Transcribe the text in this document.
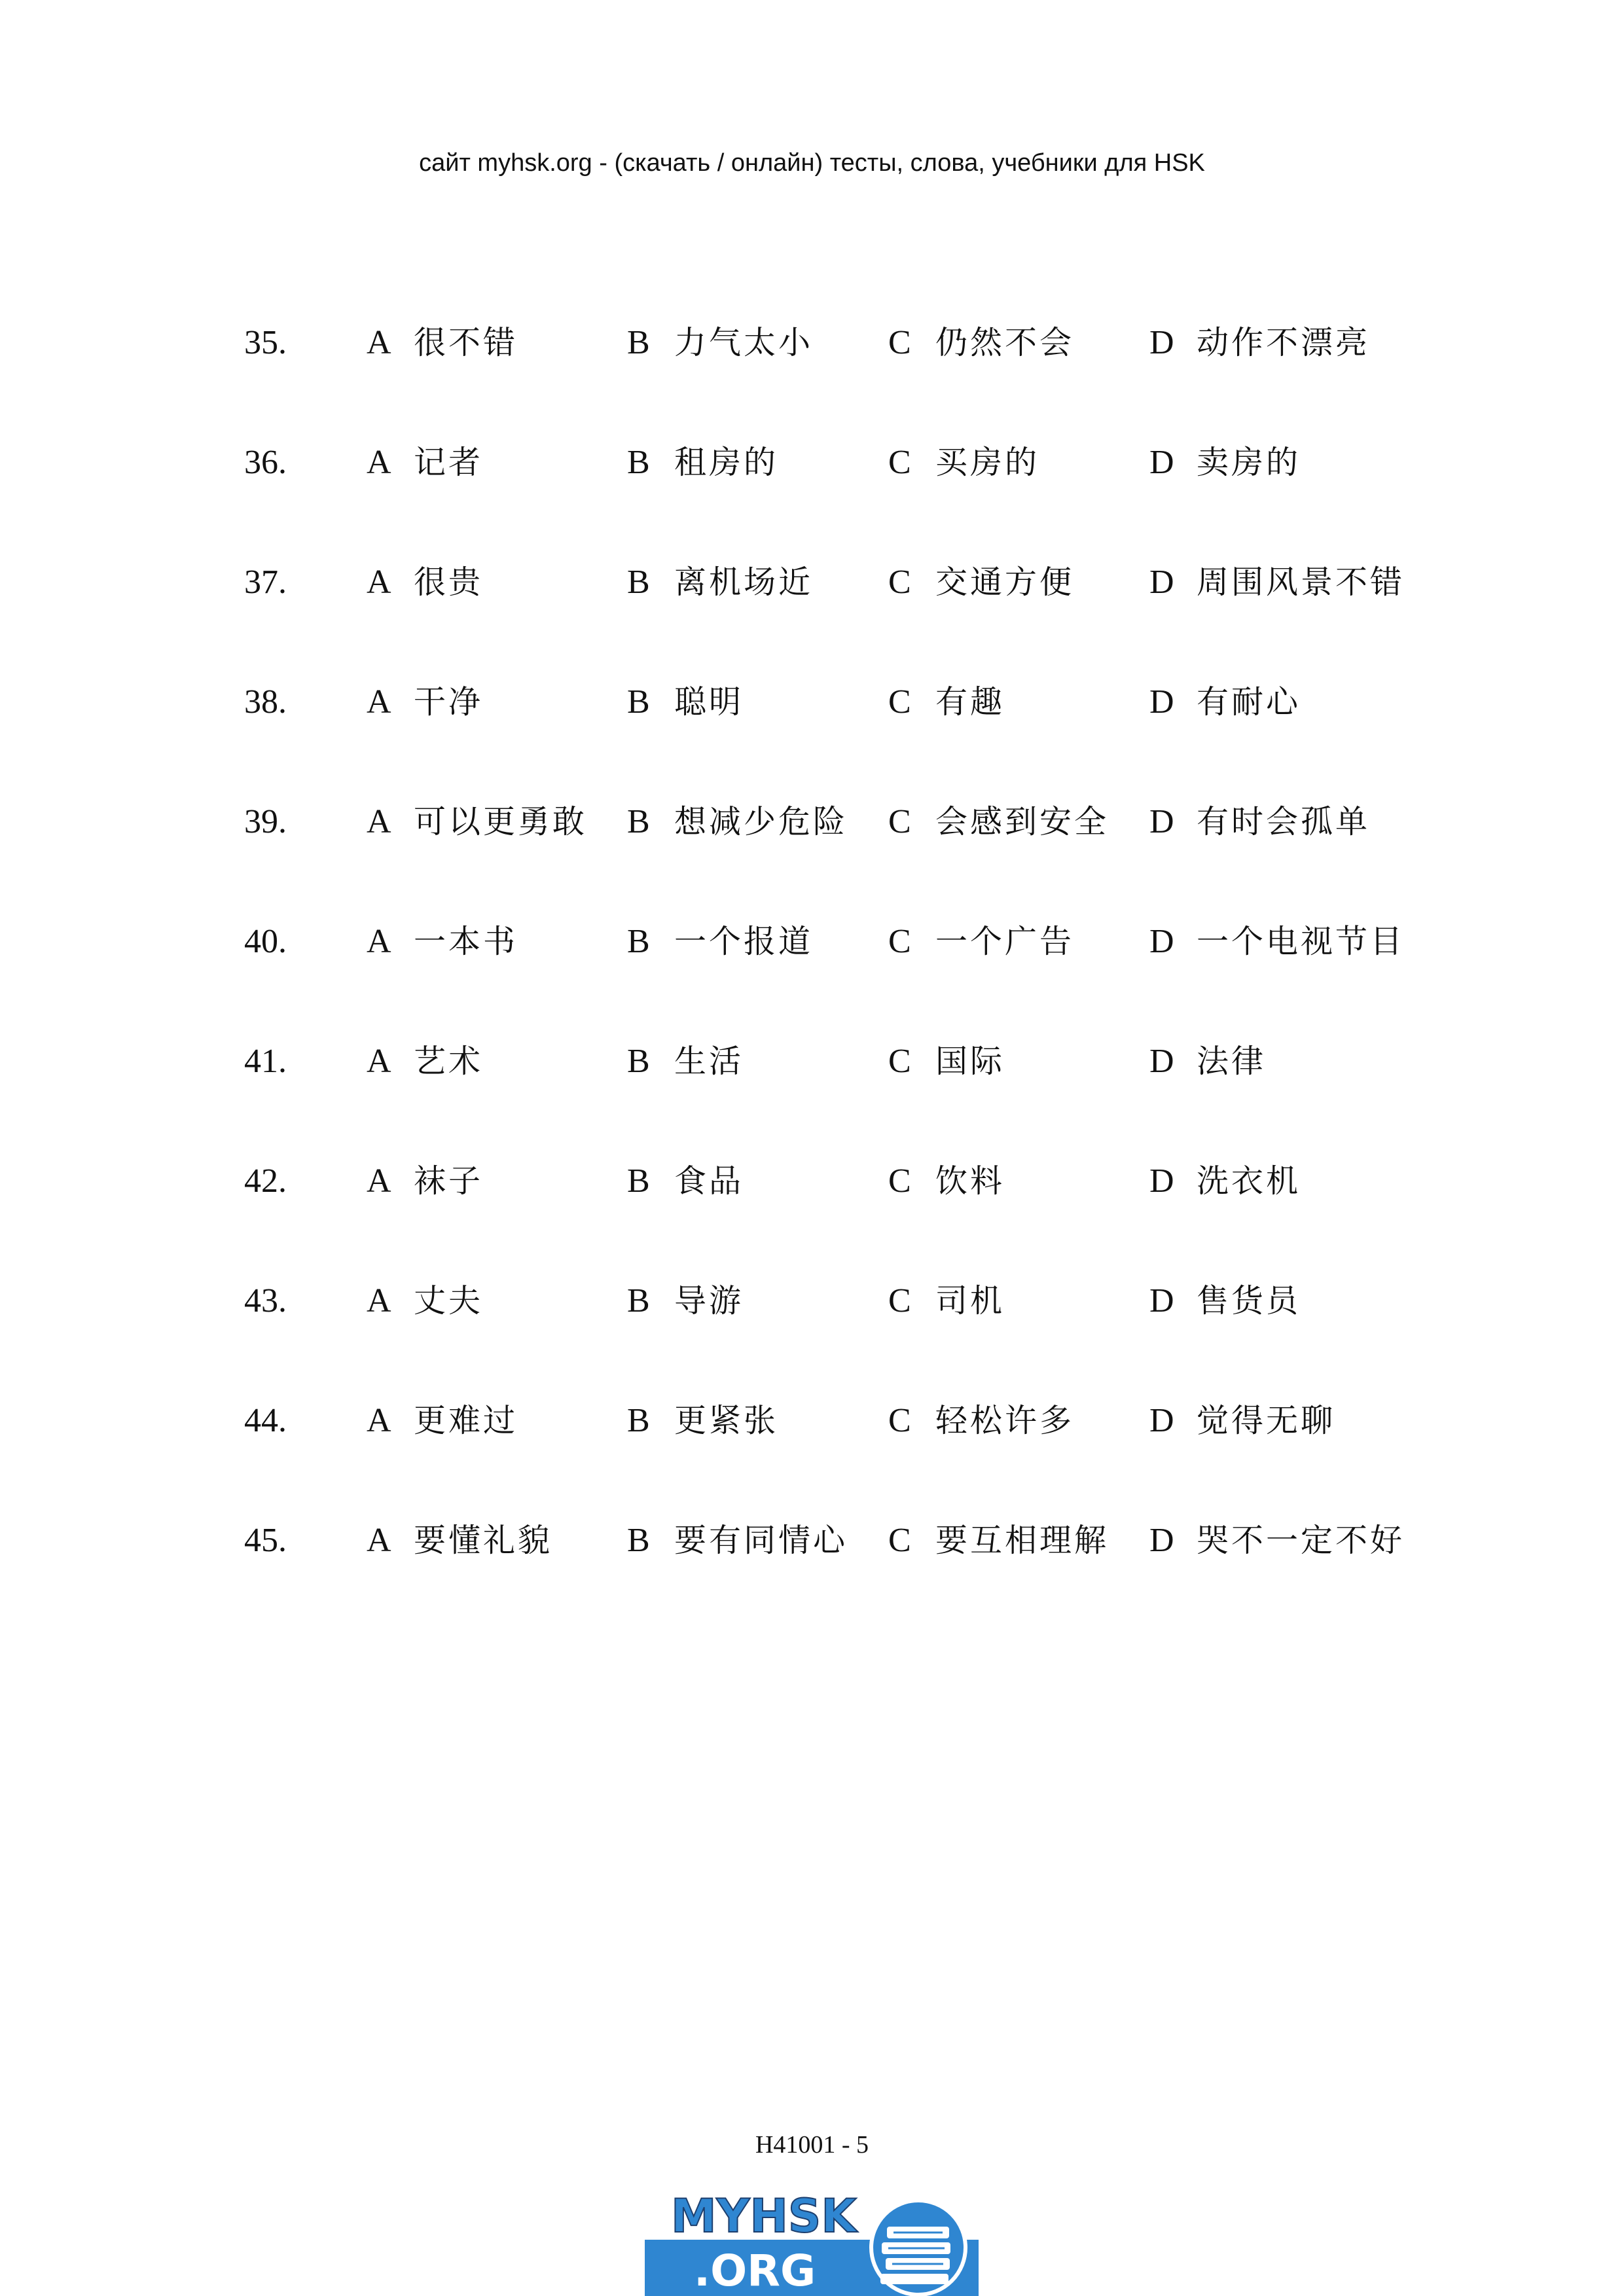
сайт myhsk.org - (скачать / онлайн) тесты, слова, учебники для HSK
35. A 很不错	B 力气太小 C 仍然不会 D 动作不漂亮
36. A 记者	B 租房的	C 买房的	D 卖房的
37. A 很贵	B 离机场近 C 交通方便 D 周围风景不错
38. A 干净	B 聪明	C 有趣	D 有耐心
39. A 可以更勇敢 B 想减少危险 C 会感到安全 D 有时会孤单
40. A 一本书	B 一个报道 C 一个广告 D 一个电视节目
41. A 艺术	B 生活	C 国际	D 法律
42. A 袜子	B 食品	C 饮料	D 洗衣机
43. A 丈夫	B 导游	C 司机	D 售货员
44. A 更难过	B 更紧张	C 轻松许多 D 觉得无聊
45. A 要懂礼貌 B 要有同情心 C 要互相理解 D 哭不一定不好
H41001 - 5
MYHSK
.ORG
